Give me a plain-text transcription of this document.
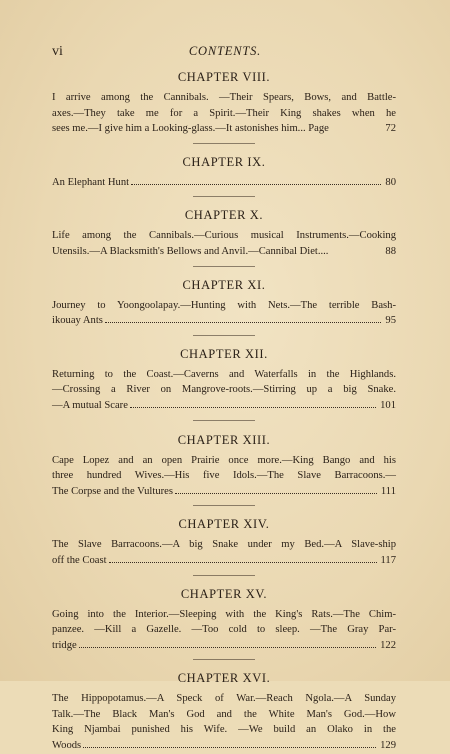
vi	CONTENTS.
CHAPTER VIII.
I arrive among the Cannibals. —Their Spears, Bows, and Battle-
axes.—They take me for a Spirit.—Their King shakes when he
sees me.—I give him a Looking-glass.—It astonishes him... Page	72
CHAPTER IX.
An Elephant Hunt	80
CHAPTER X.
Life among the Cannibals.—Curious musical Instruments.—Cooking
Utensils.—A Blacksmith's Bellows and Anvil.—Cannibal Diet....	88
CHAPTER XI.
Journey to Yoongoolapay.—Hunting with Nets.—The terrible Bash-
ikouay Ants	95
CHAPTER XII.
Returning to the Coast.—Caverns and Waterfalls in the Highlands.
—Crossing a River on Mangrove-roots.—Stirring up a big Snake.
—A mutual Scare	101
CHAPTER XIII.
Cape Lopez and an open Prairie once more.—King Bango and his
three hundred Wives.—His five Idols.—The Slave Barracoons.—
The Corpse and the Vultures	111
CHAPTER XIV.
The Slave Barracoons.—A big Snake under my Bed.—A Slave-ship
off the Coast	117
CHAPTER XV.
Going into the Interior.—Sleeping with the King's Rats.—The Chim-
panzee. —Kill a Gazelle. —Too cold to sleep. —The Gray Par-
tridge	122
CHAPTER XVI.
The Hippopotamus.—A Speck of War.—Reach Ngola.—A Sunday
Talk.—The Black Man's God and the White Man's God.—How
King Njambai punished his Wife. —We build an Olako in the
Woods	129
